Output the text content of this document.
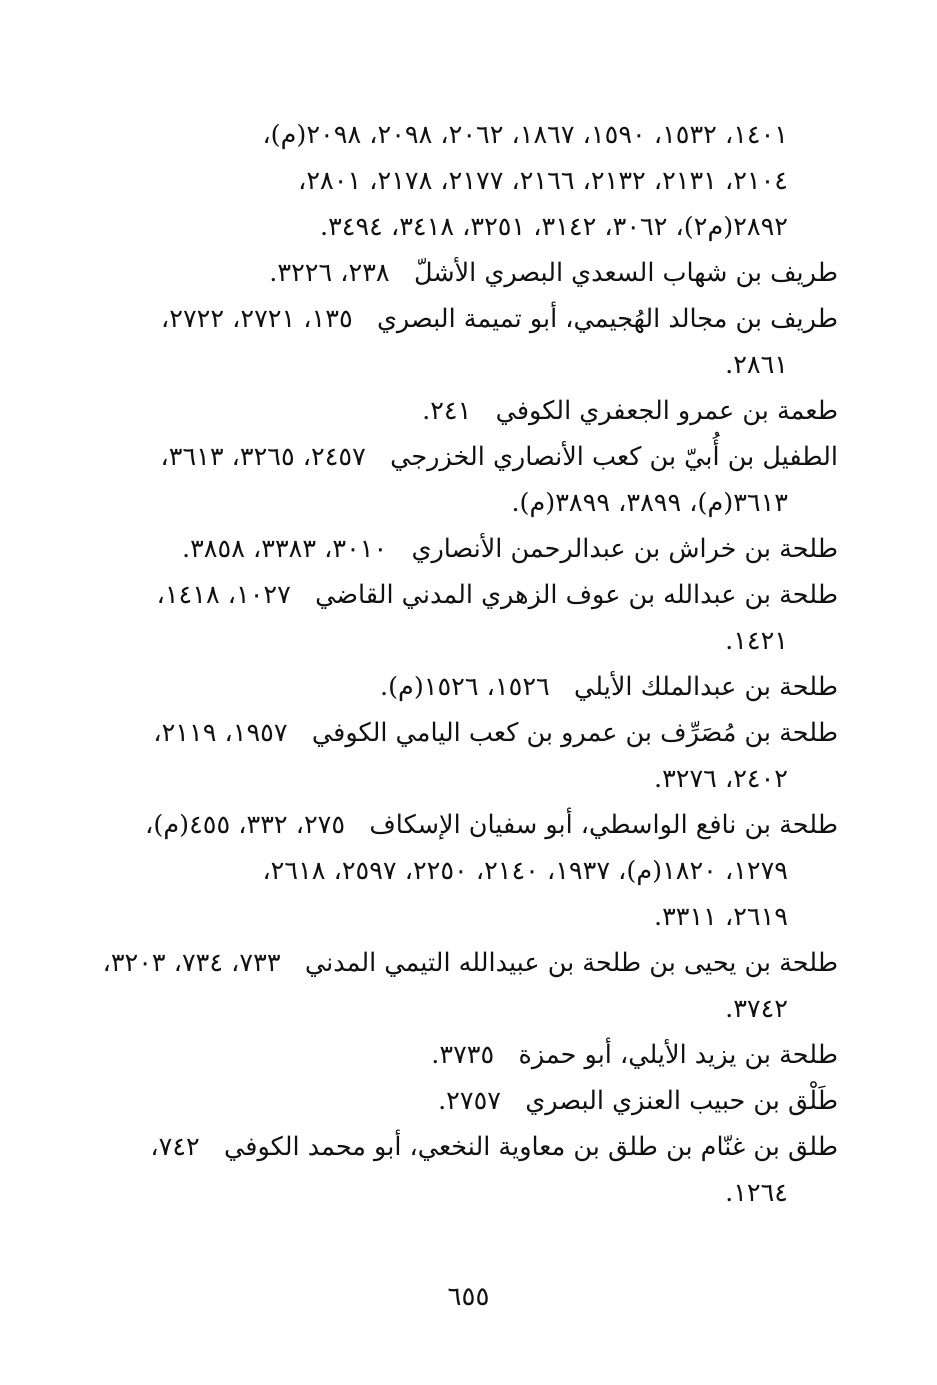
١٤٠١، ١٥٣٢، ١٥٩٠، ١٨٦٧، ٢٠٦٢، ٢٠٩٨، ٢٠٩٨(م)،
٢١٠٤، ٢١٣١، ٢١٣٢، ٢١٦٦، ٢١٧٧، ٢١٧٨، ٢٨٠١،
٢٨٩٢(م٢)، ٣٠٦٢، ٣١٤٢، ٣٢٥١، ٣٤١٨، ٣٤٩٤.
طريف بن شهاب السعدي البصري الأشلّ   ٢٣٨، ٣٢٢٦.
طريف بن مجالد الهُجيمي، أبو تميمة البصري   ١٣٥، ٢٧٢١، ٢٧٢٢،
٢٨٦١.
طعمة بن عمرو الجعفري الكوفي   ٢٤١.
الطفيل بن أُبيّ بن كعب الأنصاري الخزرجي   ٢٤٥٧، ٣٢٦٥، ٣٦١٣،
٣٦١٣(م)، ٣٨٩٩، ٣٨٩٩(م).
طلحة بن خراش بن عبدالرحمن الأنصاري   ٣٠١٠، ٣٣٨٣، ٣٨٥٨.
طلحة بن عبدالله بن عوف الزهري المدني القاضي   ١٠٢٧، ١٤١٨،
١٤٢١.
طلحة بن عبدالملك الأيلي   ١٥٢٦، ١٥٢٦(م).
طلحة بن مُصَرِّف بن عمرو بن كعب اليامي الكوفي   ١٩٥٧، ٢١١٩،
٢٤٠٢، ٣٢٧٦.
طلحة بن نافع الواسطي، أبو سفيان الإسكاف   ٢٧٥، ٣٣٢، ٤٥٥(م)،
١٢٧٩، ١٨٢٠(م)، ١٩٣٧، ٢١٤٠، ٢٢٥٠، ٢٥٩٧، ٢٦١٨،
٢٦١٩، ٣٣١١.
طلحة بن يحيى بن طلحة بن عبيدالله التيمي المدني   ٧٣٣، ٧٣٤، ٣٢٠٣،
٣٧٤٢.
طلحة بن يزيد الأيلي، أبو حمزة   ٣٧٣٥.
طَلْق بن حبيب العنزي البصري   ٢٧٥٧.
طلق بن غنّام بن طلق بن معاوية النخعي، أبو محمد الكوفي   ٧٤٢،
١٢٦٤.
٦٥٥
